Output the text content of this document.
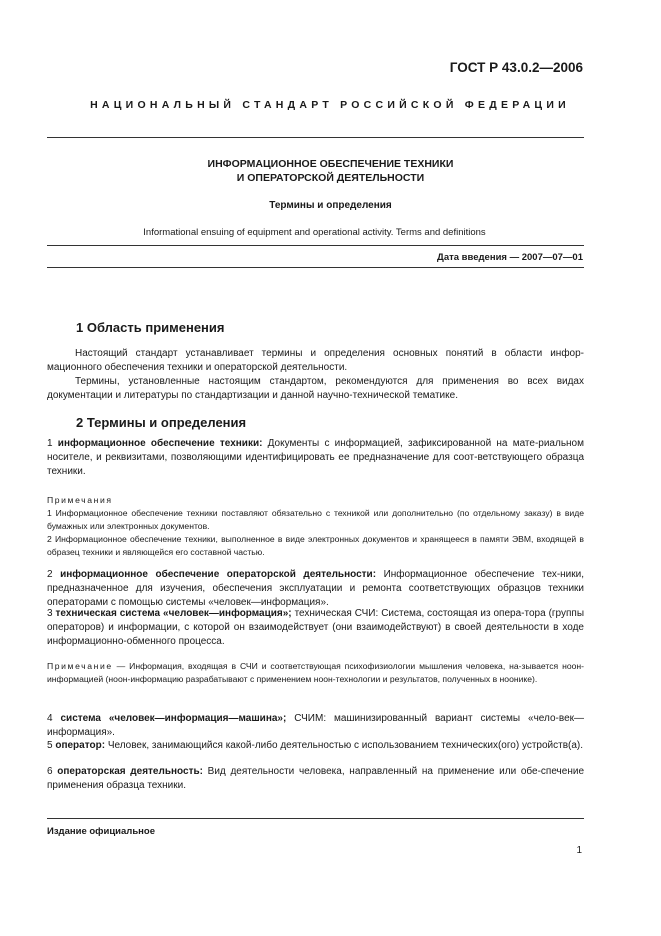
ГОСТ Р 43.0.2—2006
НАЦИОНАЛЬНЫЙ СТАНДАРТ РОССИЙСКОЙ ФЕДЕРАЦИИ
ИНФОРМАЦИОННОЕ ОБЕСПЕЧЕНИЕ ТЕХНИКИ
И ОПЕРАТОРСКОЙ ДЕЯТЕЛЬНОСТИ
Термины и определения
Informational ensuing of equipment and operational activity. Terms and definitions
Дата введения — 2007—07—01
1 Область применения

Настоящий стандарт устанавливает термины и определения основных понятий в области инфор-мационного обеспечения техники и операторской деятельности.

Термины, установленные настоящим стандартом, рекомендуются для применения во всех видах документации и литературы по стандартизации и данной научно-технической тематике.

2 Термины и определения
1 информационное обеспечение техники: Документы с информацией, зафиксированной на мате-риальном носителе, и реквизитами, позволяющими идентифицировать ее предназначение для соот-ветствующего образца техники.

Примечания

1 Информационное обеспечение техники поставляют обязательно с техникой или дополнительно (по отдельному заказу) в виде бумажных или электронных документов.

2 Информационное обеспечение техники, выполненное в виде электронных документов и хранящееся в памяти ЭВМ, входящей в образец техники и являющейся его составной частью.

2 информационное обеспечение операторской деятельности: Информационное обеспечение тех-ники, предназначенное для изучения, обеспечения эксплуатации и ремонта соответствующих образцов техники операторами с помощью системы «человек—информация».
3 техническая система «человек—информация»; техническая СЧИ: Система, состоящая из опера-тора (группы операторов) и информации, с которой он взаимодействует (они взаимодействуют) в своей деятельности в ходе информационно-обменного процесса.
Примечание — Информация, входящая в СЧИ и соответствующая психофизиологии мышления человека, на-зывается ноон-информацией (ноон-информацию разрабатывают с применением ноон-технологии и результатов, полученных в ноонике).
4 система «человек—информация—машина»; СЧИМ: машинизированный вариант системы «чело-век—информация».
5 оператор: Человек, занимающийся какой-либо деятельностью с использованием технических(ого) устройств(а).
6 операторская деятельность: Вид деятельности человека, направленный на применение или обе-спечение применения образца техники.
Издание официальное
1
